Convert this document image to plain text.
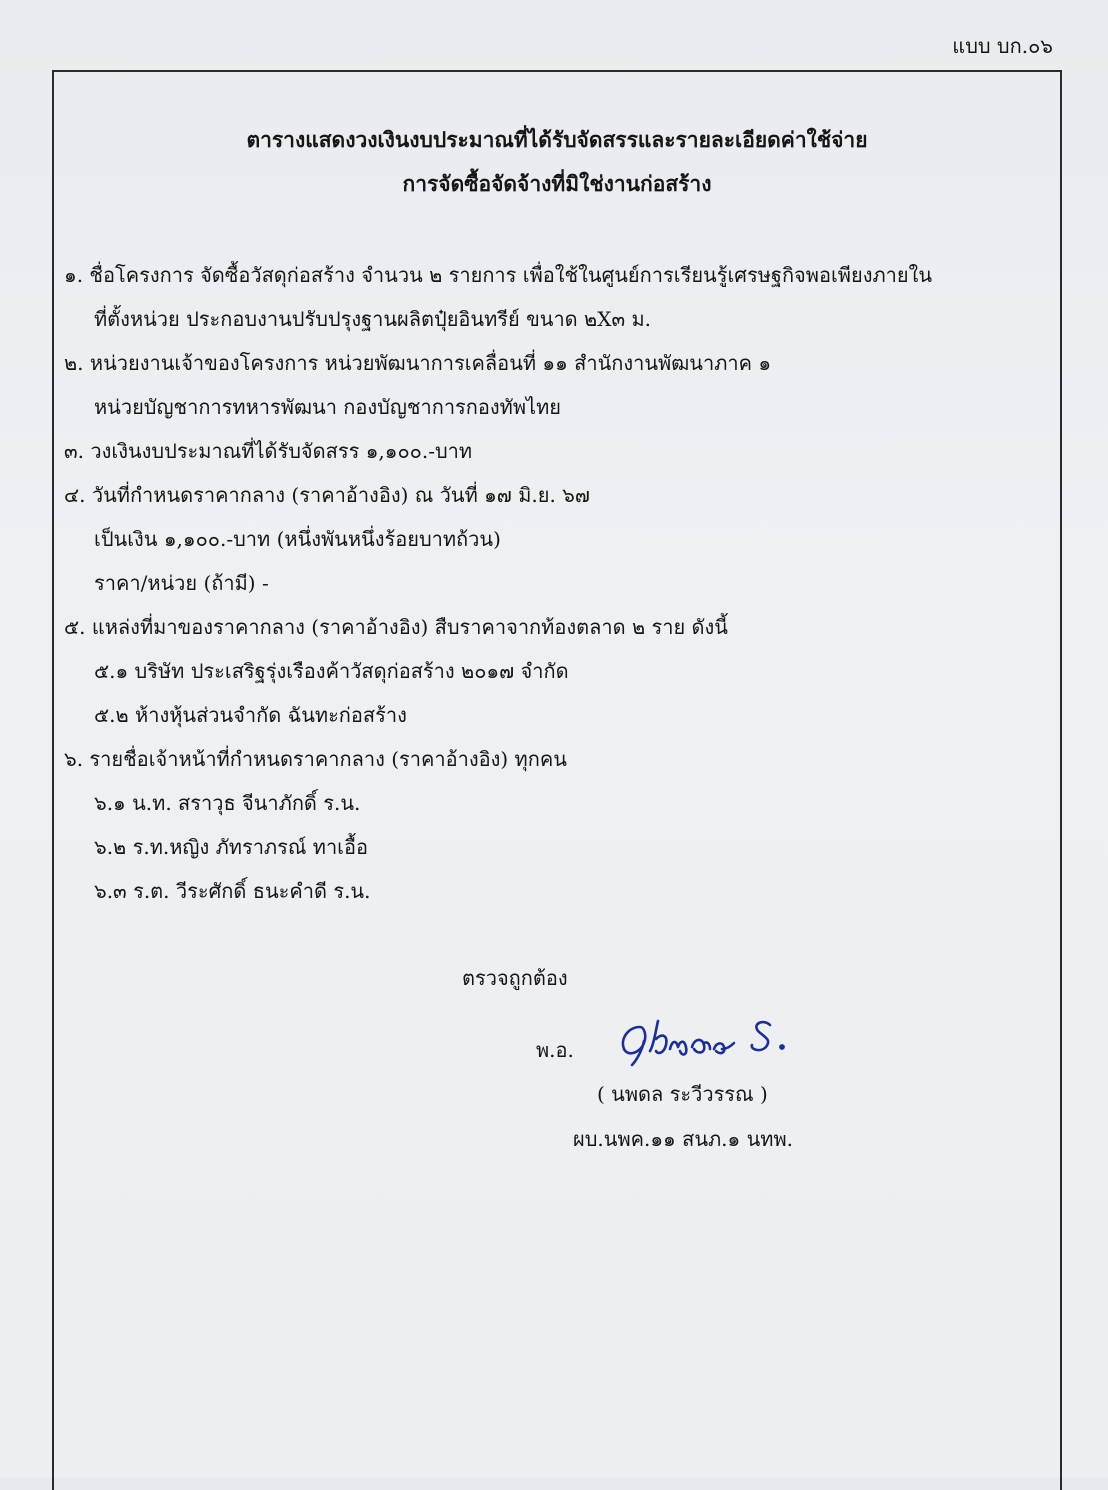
แบบ บก.๐๖
ตารางแสดงวงเงินงบประมาณที่ได้รับจัดสรรและรายละเอียดค่าใช้จ่าย
การจัดซื้อจัดจ้างที่มิใช่งานก่อสร้าง
๑. ชื่อโครงการ จัดซื้อวัสดุก่อสร้าง จำนวน ๒ รายการ เพื่อใช้ในศูนย์การเรียนรู้เศรษฐกิจพอเพียงภายใน
ที่ตั้งหน่วย ประกอบงานปรับปรุงฐานผลิตปุ๋ยอินทรีย์ ขนาด ๒X๓ ม.
๒. หน่วยงานเจ้าของโครงการ หน่วยพัฒนาการเคลื่อนที่ ๑๑ สำนักงานพัฒนาภาค ๑
หน่วยบัญชาการทหารพัฒนา กองบัญชาการกองทัพไทย
๓. วงเงินงบประมาณที่ได้รับจัดสรร ๑,๑๐๐.-บาท
๔. วันที่กำหนดราคากลาง (ราคาอ้างอิง) ณ วันที่ ๑๗ มิ.ย. ๖๗
เป็นเงิน ๑,๑๐๐.-บาท (หนึ่งพันหนึ่งร้อยบาทถ้วน)
ราคา/หน่วย (ถ้ามี) -
๕. แหล่งที่มาของราคากลาง (ราคาอ้างอิง) สืบราคาจากท้องตลาด ๒ ราย ดังนี้
๕.๑ บริษัท ประเสริฐรุ่งเรืองค้าวัสดุก่อสร้าง ๒๐๑๗ จำกัด
๕.๒ ห้างหุ้นส่วนจำกัด ฉันทะก่อสร้าง
๖. รายชื่อเจ้าหน้าที่กำหนดราคากลาง (ราคาอ้างอิง) ทุกคน
๖.๑ น.ท. สราวุธ จีนาภักดิ์ ร.น.
๖.๒ ร.ท.หญิง ภัทราภรณ์ ทาเอื้อ
๖.๓ ร.ต. วีระศักดิ์ ธนะคำดี ร.น.
ตรวจถูกต้อง
พ.อ.
( นพดล ระวีวรรณ )
ผบ.นพค.๑๑ สนภ.๑ นทพ.
